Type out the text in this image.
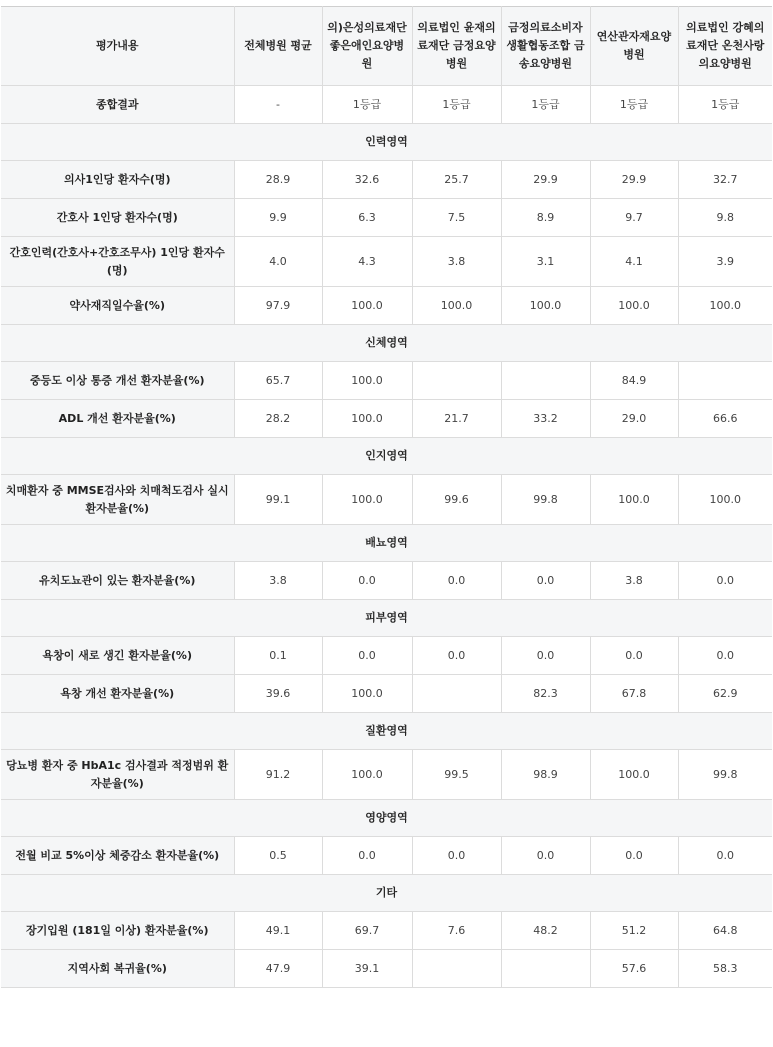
평가내용	전체병원 평균	의)은성의료재단 좋은애인요양병원	의료법인 윤재의료재단 금정요양병원	금정의료소비자생활협동조합 금송요양병원	연산관자재요양병원	의료법인 강혜의료재단 온천사랑의요양병원
종합결과	-	1등급	1등급	1등급	1등급	1등급
인력영역						
의사1인당 환자수(명)	28.9	32.6	25.7	29.9	29.9	32.7
간호사 1인당 환자수(명)	9.9	6.3	7.5	8.9	9.7	9.8
간호인력(간호사+간호조무사) 1인당 환자수(명)	4.0	4.3	3.8	3.1	4.1	3.9
약사재직일수율(%)	97.9	100.0	100.0	100.0	100.0	100.0
신체영역						
중등도 이상 통증 개선 환자분율(%)	65.7	100.0			84.9	
ADL 개선 환자분율(%)	28.2	100.0	21.7	33.2	29.0	66.6
인지영역						
치매환자 중 MMSE검사와 치매척도검사 실시 환자분율(%)	99.1	100.0	99.6	99.8	100.0	100.0
배뇨영역						
유치도뇨관이 있는 환자분율(%)	3.8	0.0	0.0	0.0	3.8	0.0
피부영역						
욕창이 새로 생긴 환자분율(%)	0.1	0.0	0.0	0.0	0.0	0.0
욕창 개선 환자분율(%)	39.6	100.0		82.3	67.8	62.9
질환영역						
당뇨병 환자 중 HbA1c 검사결과 적정범위 환자분율(%)	91.2	100.0	99.5	98.9	100.0	99.8
영양영역						
전월 비교 5%이상 체중감소 환자분율(%)	0.5	0.0	0.0	0.0	0.0	0.0
기타						
장기입원 (181일 이상) 환자분율(%)	49.1	69.7	7.6	48.2	51.2	64.8
지역사회 복귀율(%)	47.9	39.1			57.6	58.3
